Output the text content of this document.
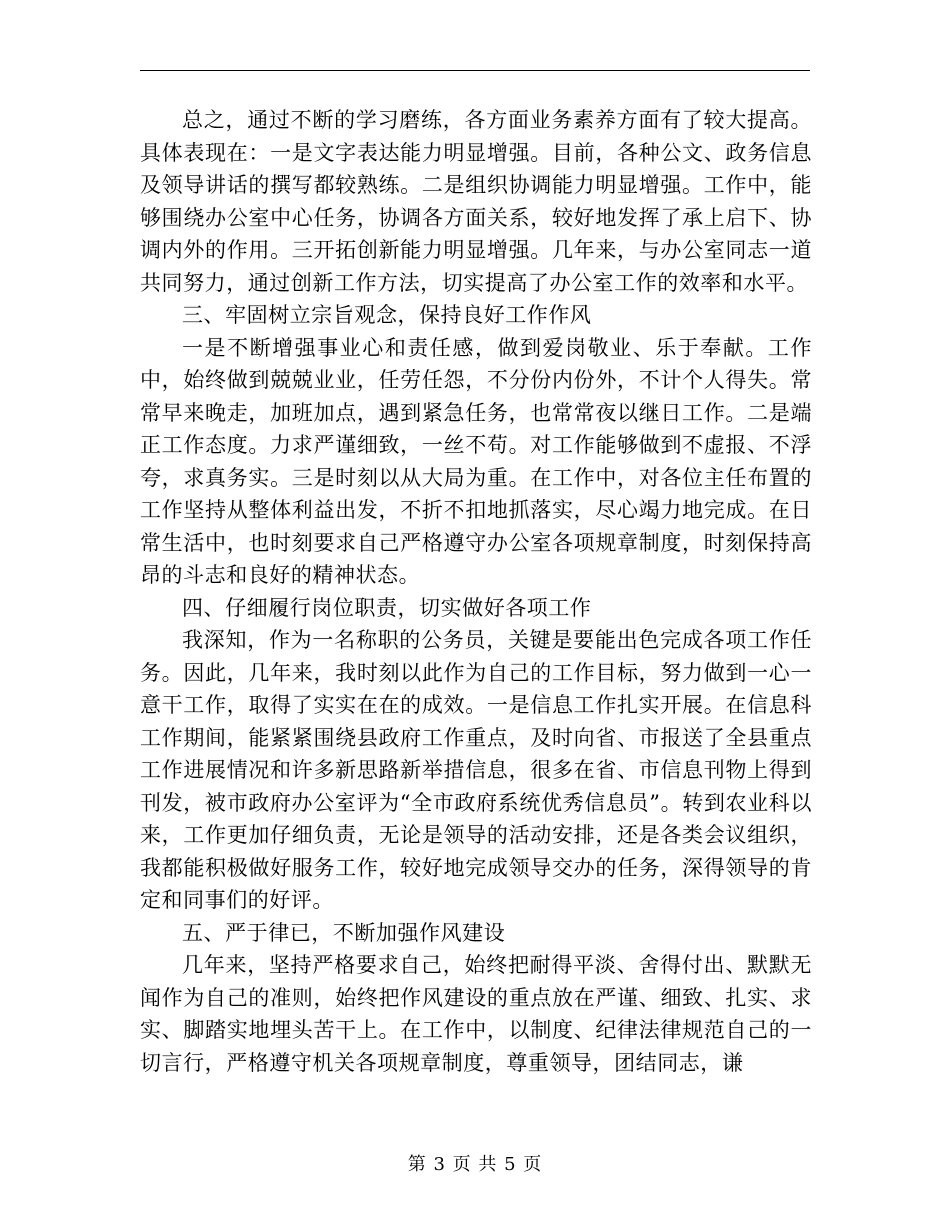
总之，通过不断的学习磨练，各方面业务素养方面有了较大提高。具体表现在：一是文字表达能力明显增强。目前，各种公文、政务信息及领导讲话的撰写都较熟练。二是组织协调能力明显增强。工作中，能够围绕办公室中心任务，协调各方面关系，较好地发挥了承上启下、协调内外的作用。三开拓创新能力明显增强。几年来，与办公室同志一道共同努力，通过创新工作方法，切实提高了办公室工作的效率和水平。

三、牢固树立宗旨观念，保持良好工作作风

一是不断增强事业心和责任感，做到爱岗敬业、乐于奉献。工作中，始终做到兢兢业业，任劳任怨，不分份内份外，不计个人得失。常常早来晚走，加班加点，遇到紧急任务，也常常夜以继日工作。二是端正工作态度。力求严谨细致，一丝不苟。对工作能够做到不虚报、不浮夸，求真务实。三是时刻以从大局为重。在工作中，对各位主任布置的工作坚持从整体利益出发，不折不扣地抓落实，尽心竭力地完成。在日常生活中，也时刻要求自己严格遵守办公室各项规章制度，时刻保持高昂的斗志和良好的精神状态。

四、仔细履行岗位职责，切实做好各项工作

我深知，作为一名称职的公务员，关键是要能出色完成各项工作任务。因此，几年来，我时刻以此作为自己的工作目标，努力做到一心一意干工作，取得了实实在在的成效。一是信息工作扎实开展。在信息科工作期间，能紧紧围绕县政府工作重点，及时向省、市报送了全县重点工作进展情况和许多新思路新举措信息，很多在省、市信息刊物上得到刊发，被市政府办公室评为“全市政府系统优秀信息员”。转到农业科以来，工作更加仔细负责，无论是领导的活动安排，还是各类会议组织，我都能积极做好服务工作，较好地完成领导交办的任务，深得领导的肯定和同事们的好评。

五、严于律已，不断加强作风建设

几年来，坚持严格要求自己，始终把耐得平淡、舍得付出、默默无闻作为自己的准则，始终把作风建设的重点放在严谨、细致、扎实、求实、脚踏实地埋头苦干上。在工作中，以制度、纪律法律规范自己的一切言行，严格遵守机关各项规章制度，尊重领导，团结同志，谦

第 3 页 共 5 页
